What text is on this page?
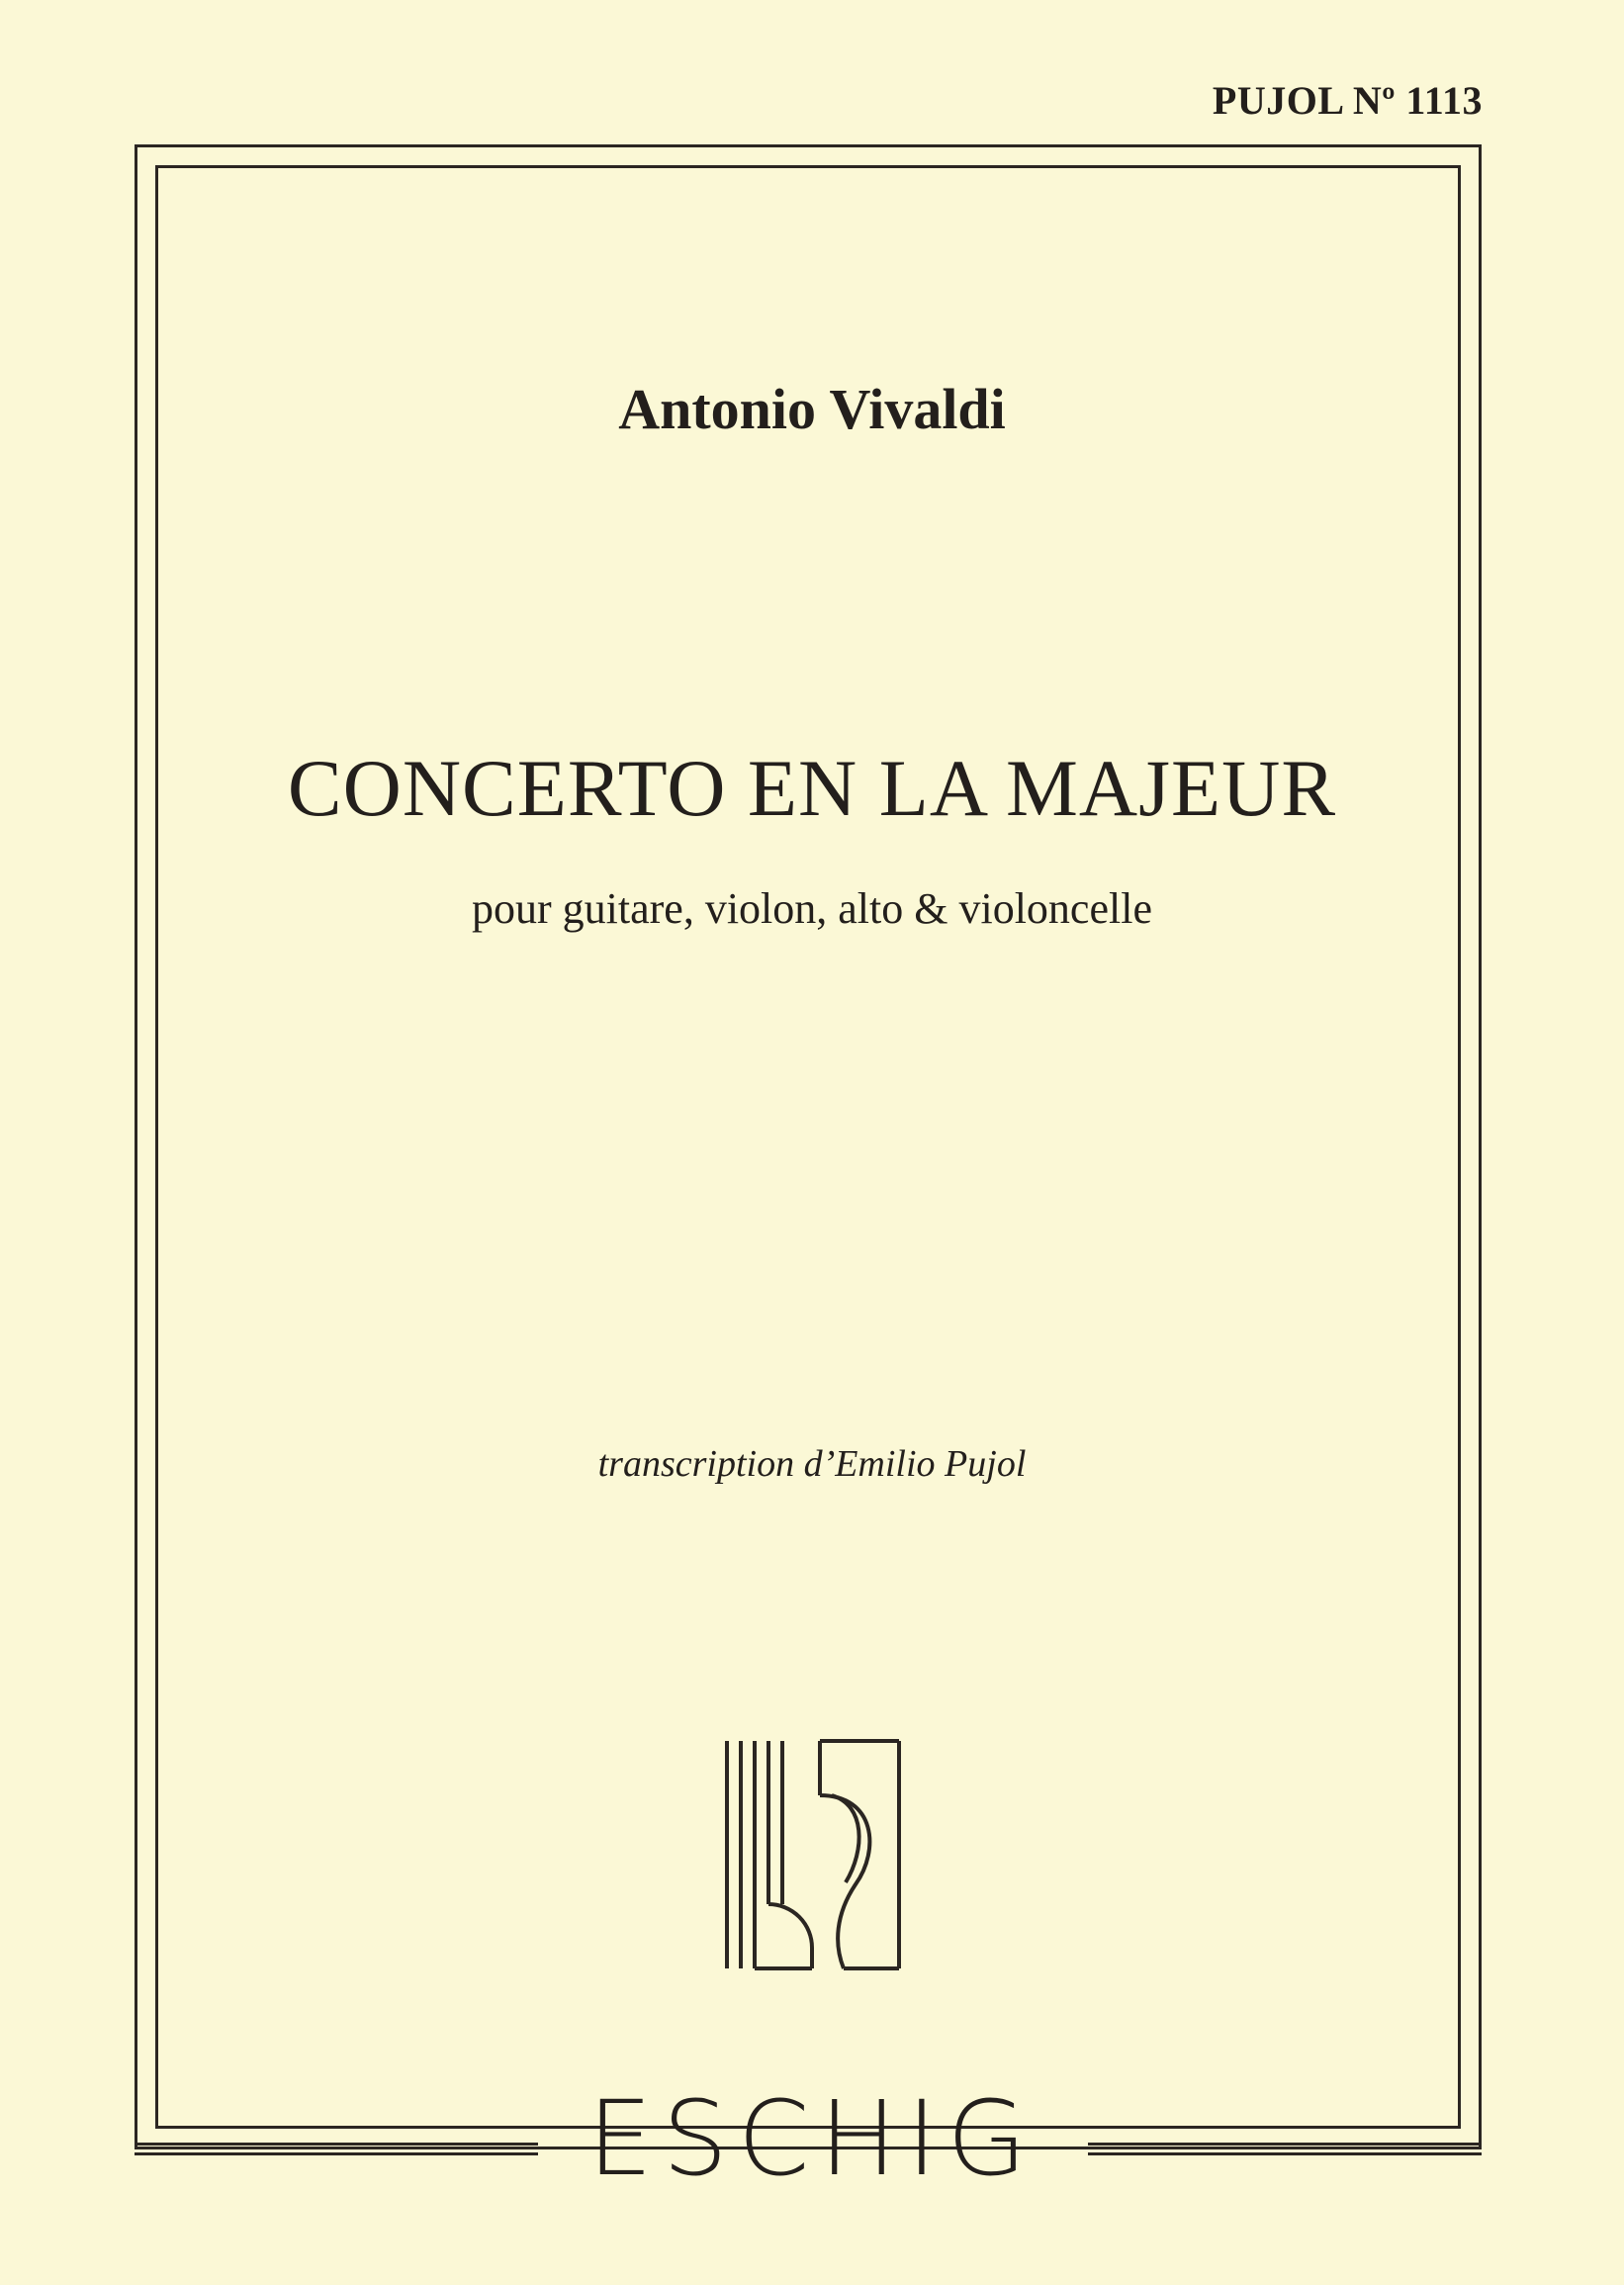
PUJOL Nº 1113
Antonio Vivaldi
CONCERTO EN LA MAJEUR
pour guitare, violon, alto & violoncelle
transcription d’Emilio Pujol
ESCHIG
